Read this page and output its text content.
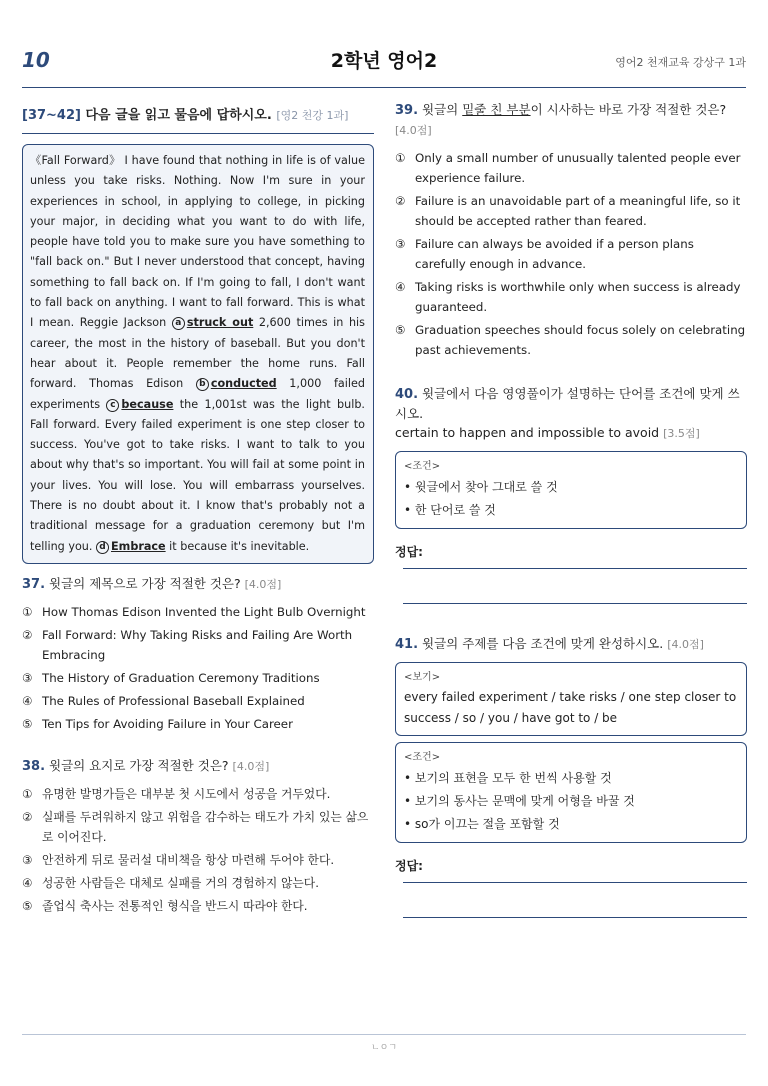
10	2학년 영어2	영어2 천재교육 강상구 1과
[37~42] 다음 글을 읽고 물음에 답하시오. [영2 천강 1과]
《Fall Forward》 I have found that nothing in life is of value unless you take risks. Nothing. Now I'm sure in your experiences in school, in applying to college, in picking your major, in deciding what you want to do with life, people have told you to make sure you have something to "fall back on." But I never understood that concept, having something to fall back on. If I'm going to fall, I don't want to fall back on anything. I want to fall forward. This is what I mean. Reggie Jackson a struck out 2,600 times in his career, the most in the history of baseball. But you don't hear about it. People remember the home runs. Fall forward. Thomas Edison b conducted 1,000 failed experiments c because the 1,001st was the light bulb. Fall forward. Every failed experiment is one step closer to success. You've got to take risks. I want to talk to you about why that's so important. You will fail at some point in your lives. You will lose. You will embarrass yourselves. There is no doubt about it. I know that's probably not a traditional message for a graduation ceremony but I'm telling you. d Embrace it because it's inevitable.
37. 윗글의 제목으로 가장 적절한 것은? [4.0점]
① How Thomas Edison Invented the Light Bulb Overnight
② Fall Forward: Why Taking Risks and Failing Are Worth Embracing
③ The History of Graduation Ceremony Traditions
④ The Rules of Professional Baseball Explained
⑤ Ten Tips for Avoiding Failure in Your Career
38. 윗글의 요지로 가장 적절한 것은? [4.0점]
① 유명한 발명가들은 대부분 첫 시도에서 성공을 거두었다.
② 실패를 두려워하지 않고 위험을 감수하는 태도가 가치 있는 삶으로 이어진다.
③ 안전하게 뒤로 물러설 대비책을 항상 마련해 두어야 한다.
④ 성공한 사람들은 대체로 실패를 거의 경험하지 않는다.
⑤ 졸업식 축사는 전통적인 형식을 반드시 따라야 한다.
39. 윗글의 밑줄 친 부분이 시사하는 바로 가장 적절한 것은? [4.0점]
① Only a small number of unusually talented people ever experience failure.
② Failure is an unavoidable part of a meaningful life, so it should be accepted rather than feared.
③ Failure can always be avoided if a person plans carefully enough in advance.
④ Taking risks is worthwhile only when success is already guaranteed.
⑤ Graduation speeches should focus solely on celebrating past achievements.
40. 윗글에서 다음 영영풀이가 설명하는 단어를 조건에 맞게 쓰시오.
certain to happen and impossible to avoid [3.5점]
<조건>
• 윗글에서 찾아 그대로 쓸 것
• 한 단어로 쓸 것
정답:
41. 윗글의 주제를 다음 조건에 맞게 완성하시오. [4.0점]
<보기>
every failed experiment / take risks / one step closer to success / so / you / have got to / be
<조건>
• 보기의 표현을 모두 한 번씩 사용할 것
• 보기의 동사는 문맥에 맞게 어형을 바꿀 것
• so가 이끄는 절을 포함할 것
정답:
ㄴㅇㄱ
